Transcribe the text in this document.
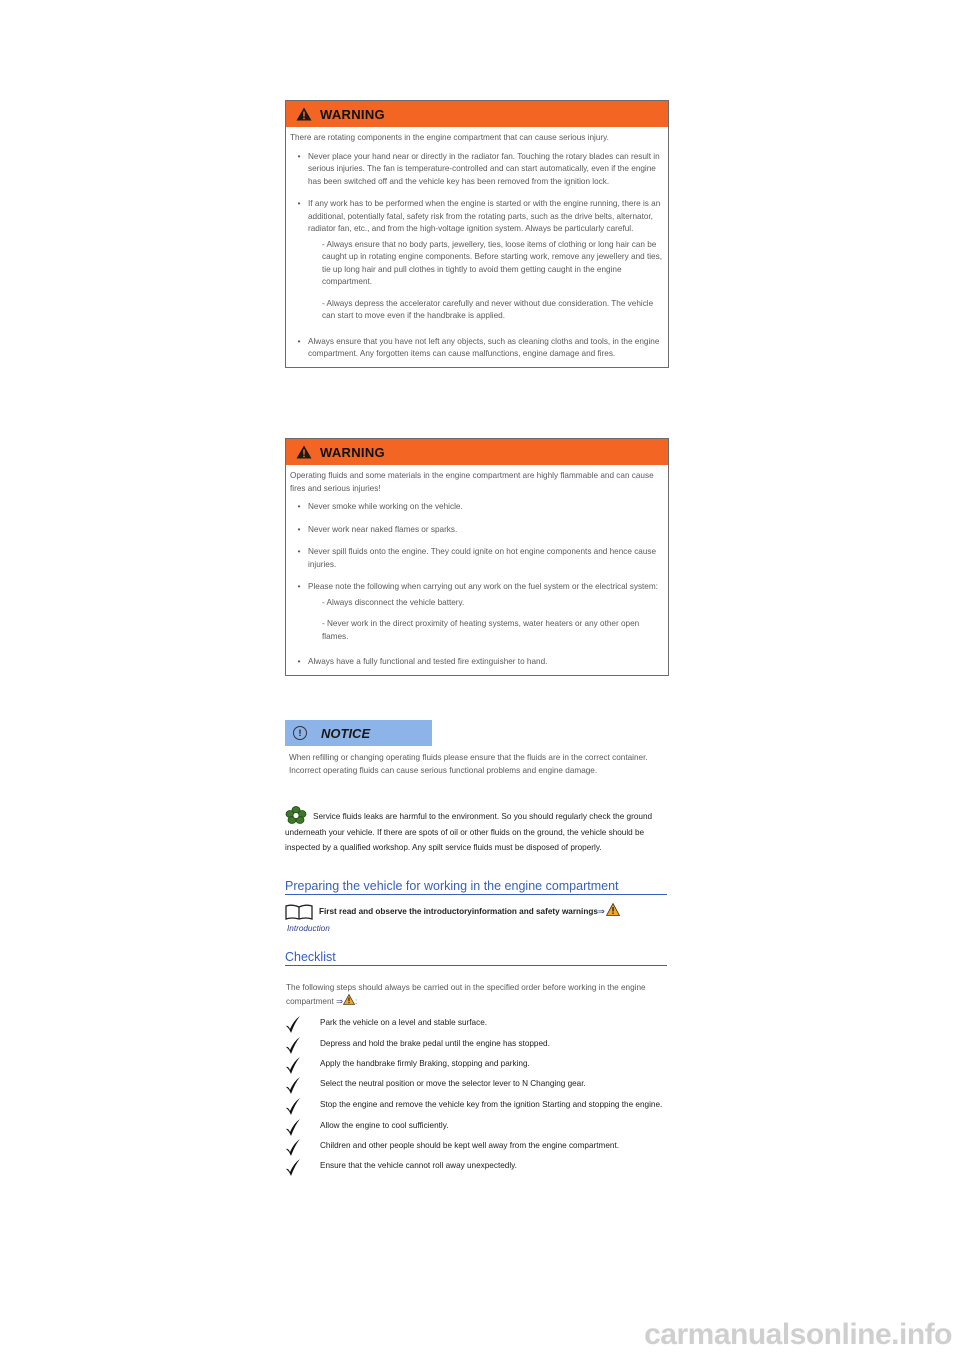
WARNING

There are rotating components in the engine compartment that can cause serious injury.

• Never place your hand near or directly in the radiator fan. Touching the rotary blades can result in serious injuries. The fan is temperature-controlled and can start automatically, even if the engine has been switched off and the vehicle key has been removed from the ignition lock.
• If any work has to be performed when the engine is started or with the engine running, there is an additional, potentially fatal, safety risk from the rotating parts, such as the drive belts, alternator, radiator fan, etc., and from the high-voltage ignition system. Always be particularly careful.
- Always ensure that no body parts, jewellery, ties, loose items of clothing or long hair can be caught up in rotating engine components. Before starting work, remove any jewellery and ties, tie up long hair and pull clothes in tightly to avoid them getting caught in the engine compartment.
- Always depress the accelerator carefully and never without due consideration. The vehicle can start to move even if the handbrake is applied.
• Always ensure that you have not left any objects, such as cleaning cloths and tools, in the engine compartment. Any forgotten items can cause malfunctions, engine damage and fires.
WARNING

Operating fluids and some materials in the engine compartment are highly flammable and can cause fires and serious injuries!

• Never smoke while working on the vehicle.
• Never work near naked flames or sparks.
• Never spill fluids onto the engine. They could ignite on hot engine components and hence cause injuries.
• Please note the following when carrying out any work on the fuel system or the electrical system:
- Always disconnect the vehicle battery.
- Never work in the direct proximity of heating systems, water heaters or any other open flames.
• Always have a fully functional and tested fire extinguisher to hand.
!	NOTICE
When refilling or changing operating fluids please ensure that the fluids are in the correct container. Incorrect operating fluids can cause serious functional problems and engine damage.
Service fluids leaks are harmful to the environment. So you should regularly check the ground underneath your vehicle. If there are spots of oil or other fluids on the ground, the vehicle should be inspected by a qualified workshop. Any spilt service fluids must be disposed of properly.
Preparing the vehicle for working in the engine compartment
First read and observe the introductoryinformation and safety warnings⇒
Introduction
Checklist
The following steps should always be carried out in the specified order before working in the engine compartment ⇒ :
Park the vehicle on a level and stable surface.
Depress and hold the brake pedal until the engine has stopped.
Apply the handbrake firmly Braking, stopping and parking.
Select the neutral position or move the selector lever to N Changing gear.
Stop the engine and remove the vehicle key from the ignition Starting and stopping the engine.
Allow the engine to cool sufficiently.
Children and other people should be kept well away from the engine compartment.
Ensure that the vehicle cannot roll away unexpectedly.
carmanualsonline.info
